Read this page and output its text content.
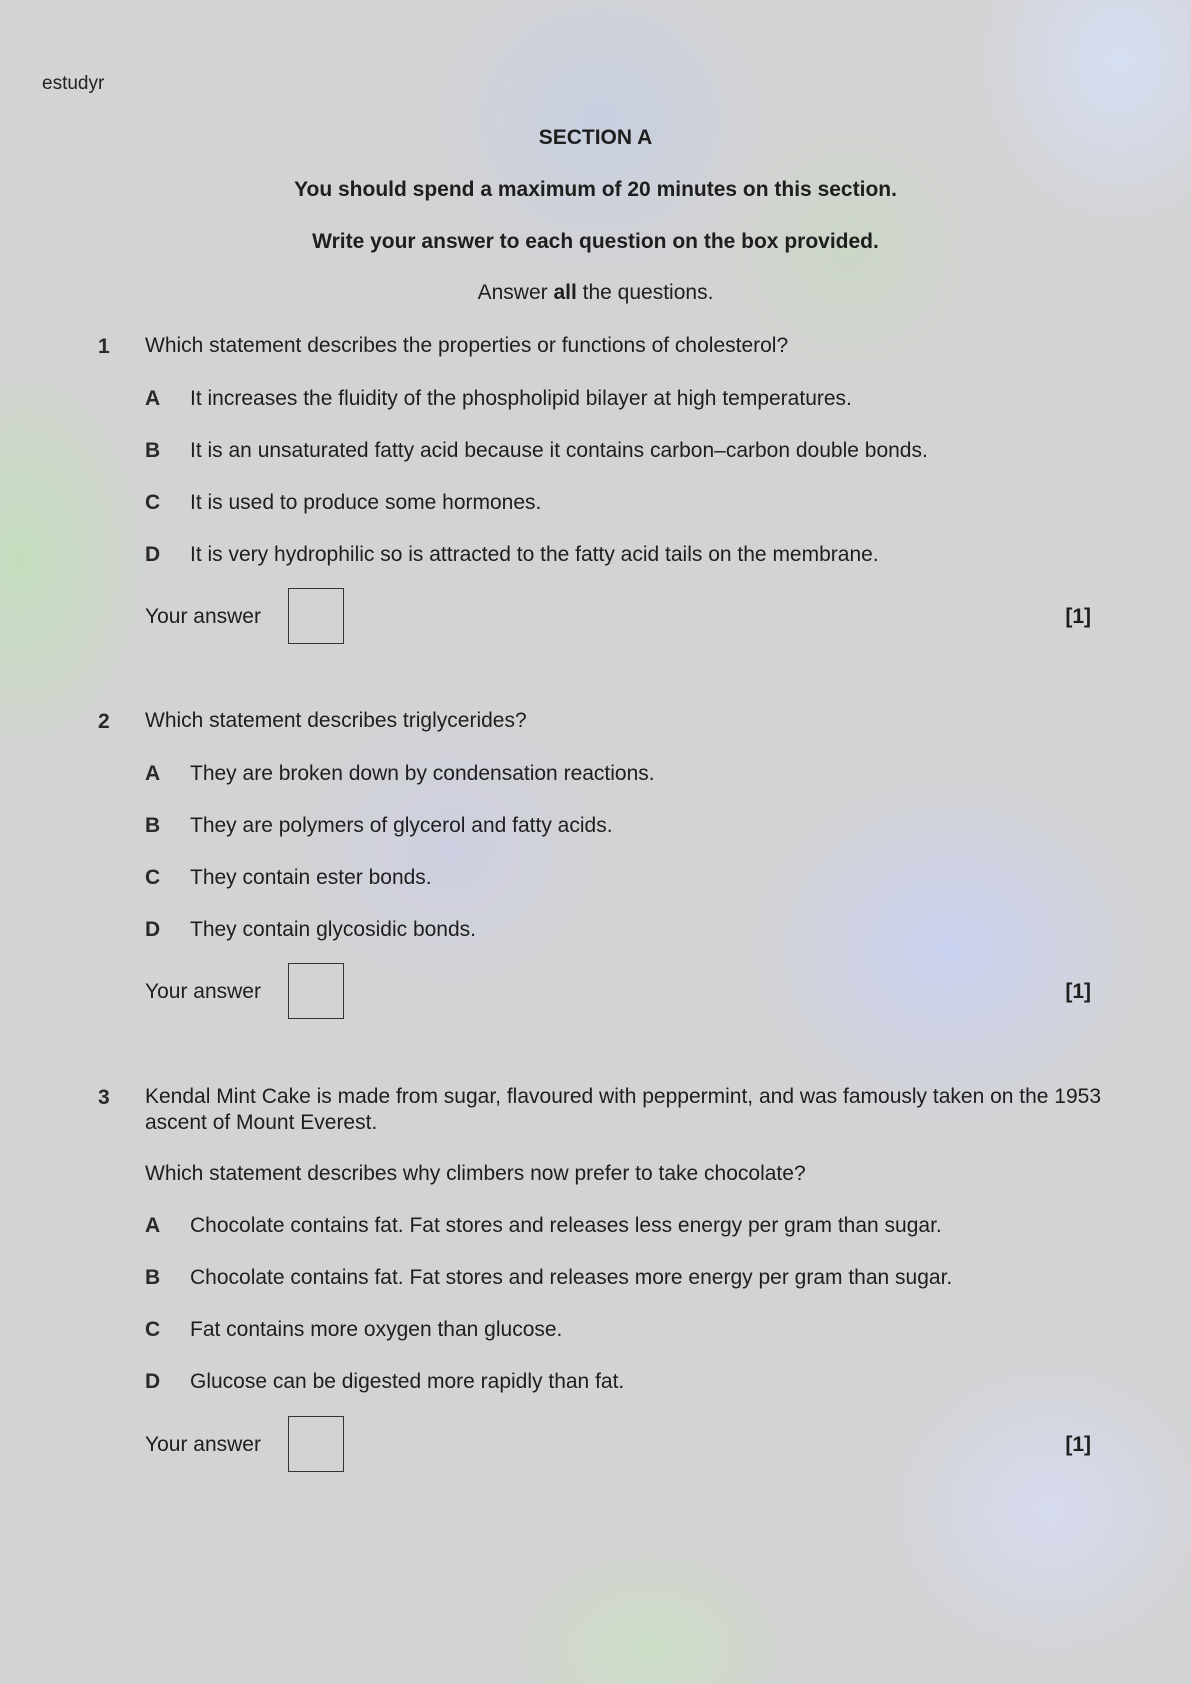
estudyr
SECTION A
You should spend a maximum of 20 minutes on this section.
Write your answer to each question on the box provided.
Answer all the questions.
1 Which statement describes the properties or functions of cholesterol?
A It increases the fluidity of the phospholipid bilayer at high temperatures.
B It is an unsaturated fatty acid because it contains carbon–carbon double bonds.
C It is used to produce some hormones.
D It is very hydrophilic so is attracted to the fatty acid tails on the membrane.
Your answer	[1]
2 Which statement describes triglycerides?
A They are broken down by condensation reactions.
B They are polymers of glycerol and fatty acids.
C They contain ester bonds.
D They contain glycosidic bonds.
Your answer	[1]
3 Kendal Mint Cake is made from sugar, flavoured with peppermint, and was famously taken on the 1953 ascent of Mount Everest.
Which statement describes why climbers now prefer to take chocolate?
A Chocolate contains fat. Fat stores and releases less energy per gram than sugar.
B Chocolate contains fat. Fat stores and releases more energy per gram than sugar.
C Fat contains more oxygen than glucose.
D Glucose can be digested more rapidly than fat.
Your answer	[1]
